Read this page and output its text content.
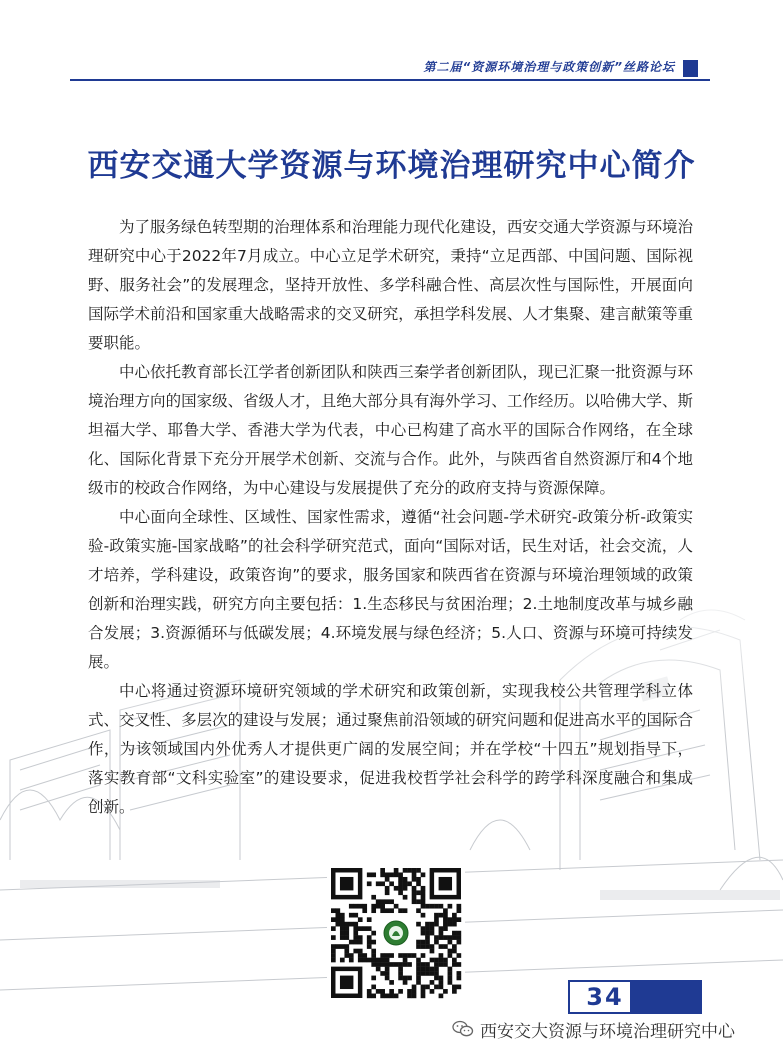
第二届“资源环境治理与政策创新”丝路论坛
西安交通大学资源与环境治理研究中心简介

为了服务绿色转型期的治理体系和治理能力现代化建设，西安交通大学资源与环境治理研究中心于2022年7月成立。中心立足学术研究，秉持“立足西部、中国问题、国际视野、服务社会”的发展理念，坚持开放性、多学科融合性、高层次性与国际性，开展面向国际学术前沿和国家重大战略需求的交叉研究，承担学科发展、人才集聚、建言献策等重要职能。

中心依托教育部长江学者创新团队和陕西三秦学者创新团队，现已汇聚一批资源与环境治理方向的国家级、省级人才，且绝大部分具有海外学习、工作经历。以哈佛大学、斯坦福大学、耶鲁大学、香港大学为代表，中心已构建了高水平的国际合作网络，在全球化、国际化背景下充分开展学术创新、交流与合作。此外，与陕西省自然资源厅和4个地级市的校政合作网络，为中心建设与发展提供了充分的政府支持与资源保障。

中心面向全球性、区域性、国家性需求，遵循“社会问题-学术研究-政策分析-政策实验-政策实施-国家战略”的社会科学研究范式，面向“国际对话，民生对话，社会交流，人才培养，学科建设，政策咨询”的要求，服务国家和陕西省在资源与环境治理领域的政策创新和治理实践，研究方向主要包括：1.生态移民与贫困治理；2.土地制度改革与城乡融合发展；3.资源循环与低碳发展；4.环境发展与绿色经济；5.人口、资源与环境可持续发展。

中心将通过资源环境研究领域的学术研究和政策创新，实现我校公共管理学科立体式、交叉性、多层次的建设与发展；通过聚焦前沿领域的研究问题和促进高水平的国际合作，为该领域国内外优秀人才提供更广阔的发展空间；并在学校“十四五”规划指导下，落实教育部“文科实验室”的建设要求，促进我校哲学社会科学的跨学科深度融合和集成创新。

34
西安交大资源与环境治理研究中心
